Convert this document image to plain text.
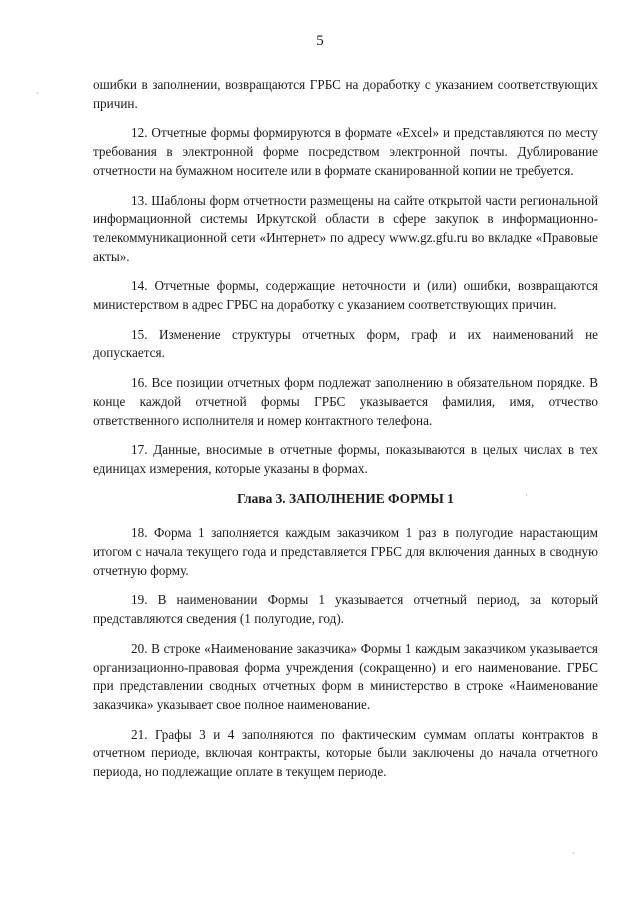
5
·
·
·

ошибки в заполнении, возвращаются ГРБС на доработку с указанием соответствующих причин.

12. Отчетные формы формируются в формате «Excel» и представляются по месту требования в электронной форме посредством электронной почты. Дублирование отчетности на бумажном носителе или в формате сканированной копии не требуется.

13. Шаблоны форм отчетности размещены на сайте открытой части региональной информационной системы Иркутской области в сфере закупок в информационно-телекоммуникационной сети «Интернет» по адресу www.gz.gfu.ru во вкладке «Правовые акты».

14. Отчетные формы, содержащие неточности и (или) ошибки, возвращаются министерством в адрес ГРБС на доработку с указанием соответствующих причин.

15. Изменение структуры отчетных форм, граф и их наименований не допускается.

16. Все позиции отчетных форм подлежат заполнению в обязательном порядке. В конце каждой отчетной формы ГРБС указывается фамилия, имя, отчество ответственного исполнителя и номер контактного телефона.

17. Данные, вносимые в отчетные формы, показываются в целых числах в тех единицах измерения, которые указаны в формах.

Глава 3. ЗАПОЛНЕНИЕ ФОРМЫ 1

18. Форма 1 заполняется каждым заказчиком 1 раз в полугодие нарастающим итогом с начала текущего года и представляется ГРБС для включения данных в сводную отчетную форму.

19. В наименовании Формы 1 указывается отчетный период, за который представляются сведения (1 полугодие, год).

20. В строке «Наименование заказчика» Формы 1 каждым заказчиком указывается организационно-правовая форма учреждения (сокращенно) и его наименование. ГРБС при представлении сводных отчетных форм в министерство в строке «Наименование заказчика» указывает свое полное наименование.

21. Графы 3 и 4 заполняются по фактическим суммам оплаты контрактов в отчетном периоде, включая контракты, которые были заключены до начала отчетного периода, но подлежащие оплате в текущем периоде.
